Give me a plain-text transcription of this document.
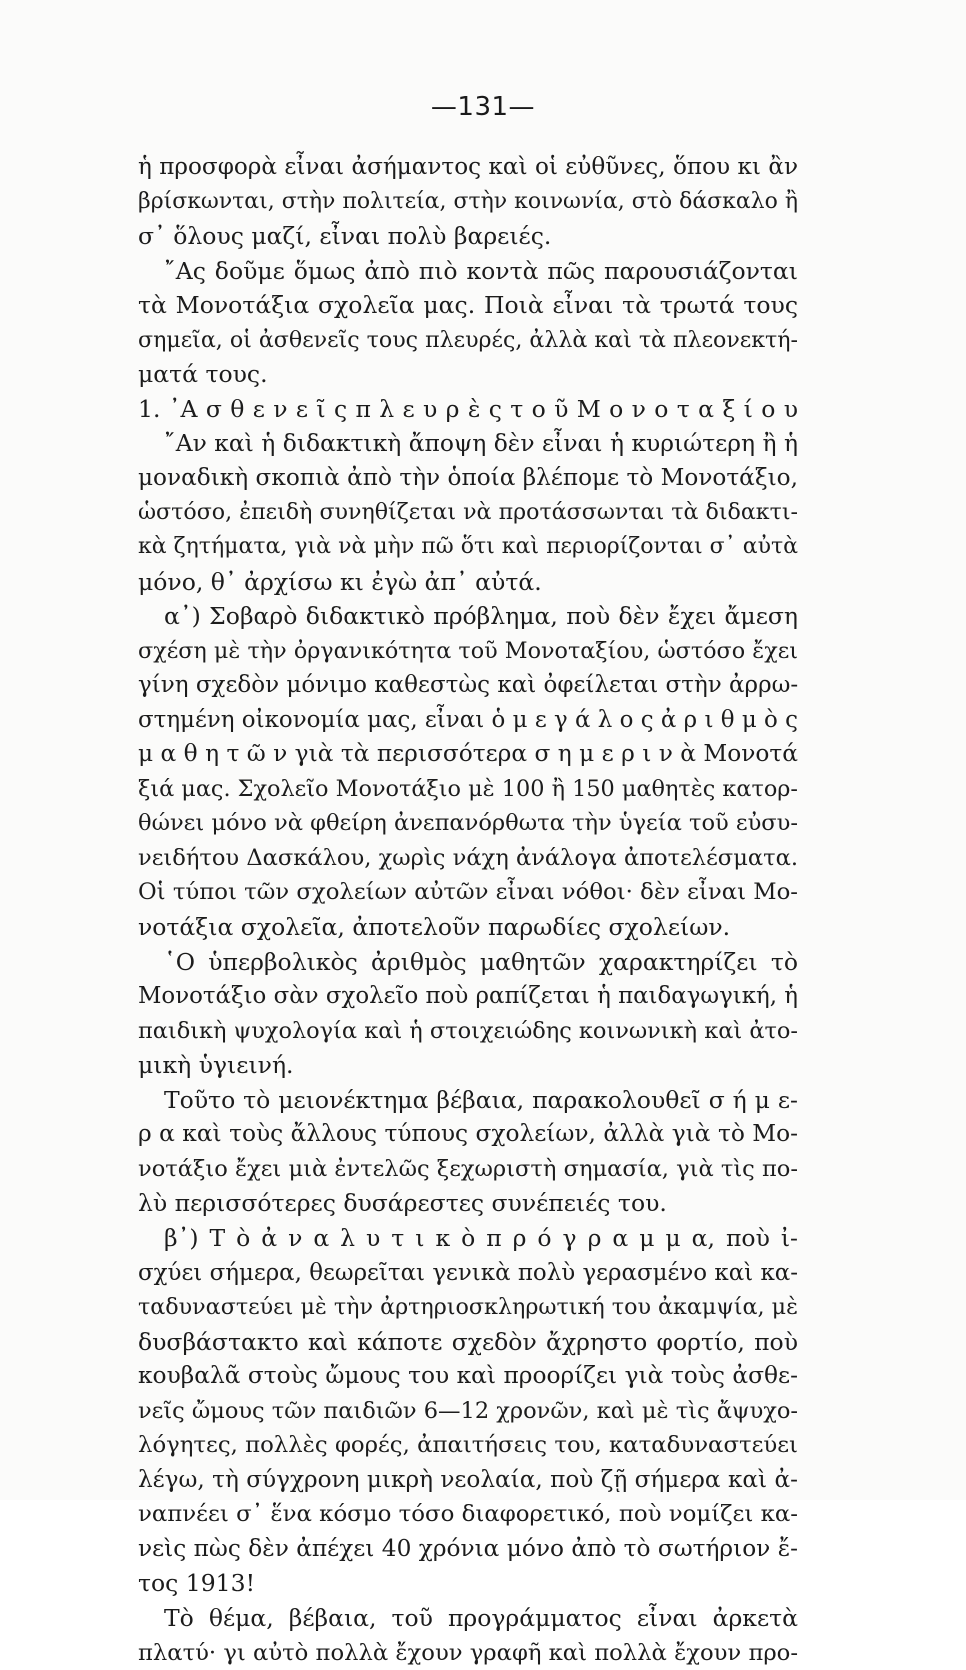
—131—
ἡ προσφορὰ εἶναι ἀσήμαντος καὶ οἱ εὐθῦνες, ὅπου κι ἂν
βρίσκωνται, στὴν πολιτεία, στὴν κοινωνία, στὸ δάσκαλο ἢ
σ᾽ ὅλους μαζί, εἶναι πολὺ βαρειές.
῎Ας δοῦμε ὅμως ἀπὸ πιὸ κοντὰ πῶς παρουσιάζονται
τὰ Μονοτάξια σχολεῖα μας. Ποιὰ εἶναι τὰ τρωτά τους
σημεῖα, οἱ ἀσθενεῖς τους πλευρές, ἀλλὰ καὶ τὰ πλεονεκτή-
ματά τους.
1. ᾽Α σ θ ε ν ε ῖ ς π λ ε υ ρ ὲ ς τ ο ῦ Μ ο ν ο τ α ξ ί ο υ
῎Αν καὶ ἡ διδακτικὴ ἄποψη δὲν εἶναι ἡ κυριώτερη ἢ ἡ
μοναδικὴ σκοπιὰ ἀπὸ τὴν ὁποία βλέπομε τὸ Μονοτάξιο,
ὡστόσο, ἐπειδὴ συνηθίζεται νὰ προτάσσωνται τὰ διδακτι-
κὰ ζητήματα, γιὰ νὰ μὴν πῶ ὅτι καὶ περιορίζονται σ᾽ αὐτὰ
μόνο, θ᾽ ἀρχίσω κι ἐγὼ ἀπ᾽ αὐτά.
α᾽) Σοβαρὸ διδακτικὸ πρόβλημα, ποὺ δὲν ἔχει ἄμεση
σχέση μὲ τὴν ὀργανικότητα τοῦ Μονοταξίου, ὡστόσο ἔχει
γίνη σχεδὸν μόνιμο καθεστὼς καὶ ὀφείλεται στὴν ἀρρω-
στημένη οἰκονομία μας, εἶναι ὁ μ ε γ ά λ ο ς ἀ ρ ι θ μ ὸ ς
μ α θ η τ ῶ ν γιὰ τὰ περισσότερα σ η μ ε ρ ι ν ὰ Μονοτά
ξιά μας. Σχολεῖο Μονοτάξιο μὲ 100 ἢ 150 μαθητὲς κατορ-
θώνει μόνο νὰ φθείρη ἀνεπανόρθωτα τὴν ὑγεία τοῦ εὐσυ-
νειδήτου Δασκάλου, χωρὶς νάχη ἀνάλογα ἀποτελέσματα.
Οἱ τύποι τῶν σχολείων αὐτῶν εἶναι νόθοι· δὲν εἶναι Μο-
νοτάξια σχολεῖα, ἀποτελοῦν παρωδίες σχολείων.
῾Ο ὑπερβολικὸς ἀριθμὸς μαθητῶν χαρακτηρίζει τὸ
Μονοτάξιο σὰν σχολεῖο ποὺ ραπίζεται ἡ παιδαγωγική, ἡ
παιδικὴ ψυχολογία καὶ ἡ στοιχειώδης κοινωνικὴ καὶ ἀτο-
μικὴ ὑγιεινή.
Τοῦτο τὸ μειονέκτημα βέβαια, παρακολουθεῖ σ ή μ ε-
ρ α καὶ τοὺς ἄλλους τύπους σχολείων, ἀλλὰ γιὰ τὸ Μο-
νοτάξιο ἔχει μιὰ ἐντελῶς ξεχωριστὴ σημασία, γιὰ τὶς πο-
λὺ περισσότερες δυσάρεστες συνέπειές του.
β᾽) Τ ὸ ἀ ν α λ υ τ ι κ ὸ π ρ ό γ ρ α μ μ α, ποὺ ἰ-
σχύει σήμερα, θεωρεῖται γενικὰ πολὺ γερασμένο καὶ κα-
ταδυναστεύει μὲ τὴν ἀρτηριοσκληρωτική του ἀκαμψία, μὲ
δυσβάστακτο καὶ κάποτε σχεδὸν ἄχρηστο φορτίο, ποὺ
κουβαλᾶ στοὺς ὤμους του καὶ προορίζει γιὰ τοὺς ἀσθε-
νεῖς ὤμους τῶν παιδιῶν 6—12 χρονῶν, καὶ μὲ τὶς ἄψυχο-
λόγητες, πολλὲς φορές, ἀπαιτήσεις του, καταδυναστεύει
λέγω, τὴ σύγχρονη μικρὴ νεολαία, ποὺ ζῇ σήμερα καὶ ἀ-
ναπνέει σ᾽ ἕνα κόσμο τόσο διαφορετικό, ποὺ νομίζει κα-
νεὶς πὼς δὲν ἀπέχει 40 χρόνια μόνο ἀπὸ τὸ σωτήριον ἔ-
τος 1913!
Τὸ θέμα, βέβαια, τοῦ προγράμματος εἶναι ἀρκετὰ
πλατύ· γι αὐτὸ πολλὰ ἔχουν γραφῆ καὶ πολλὰ ἔχουν προ-
